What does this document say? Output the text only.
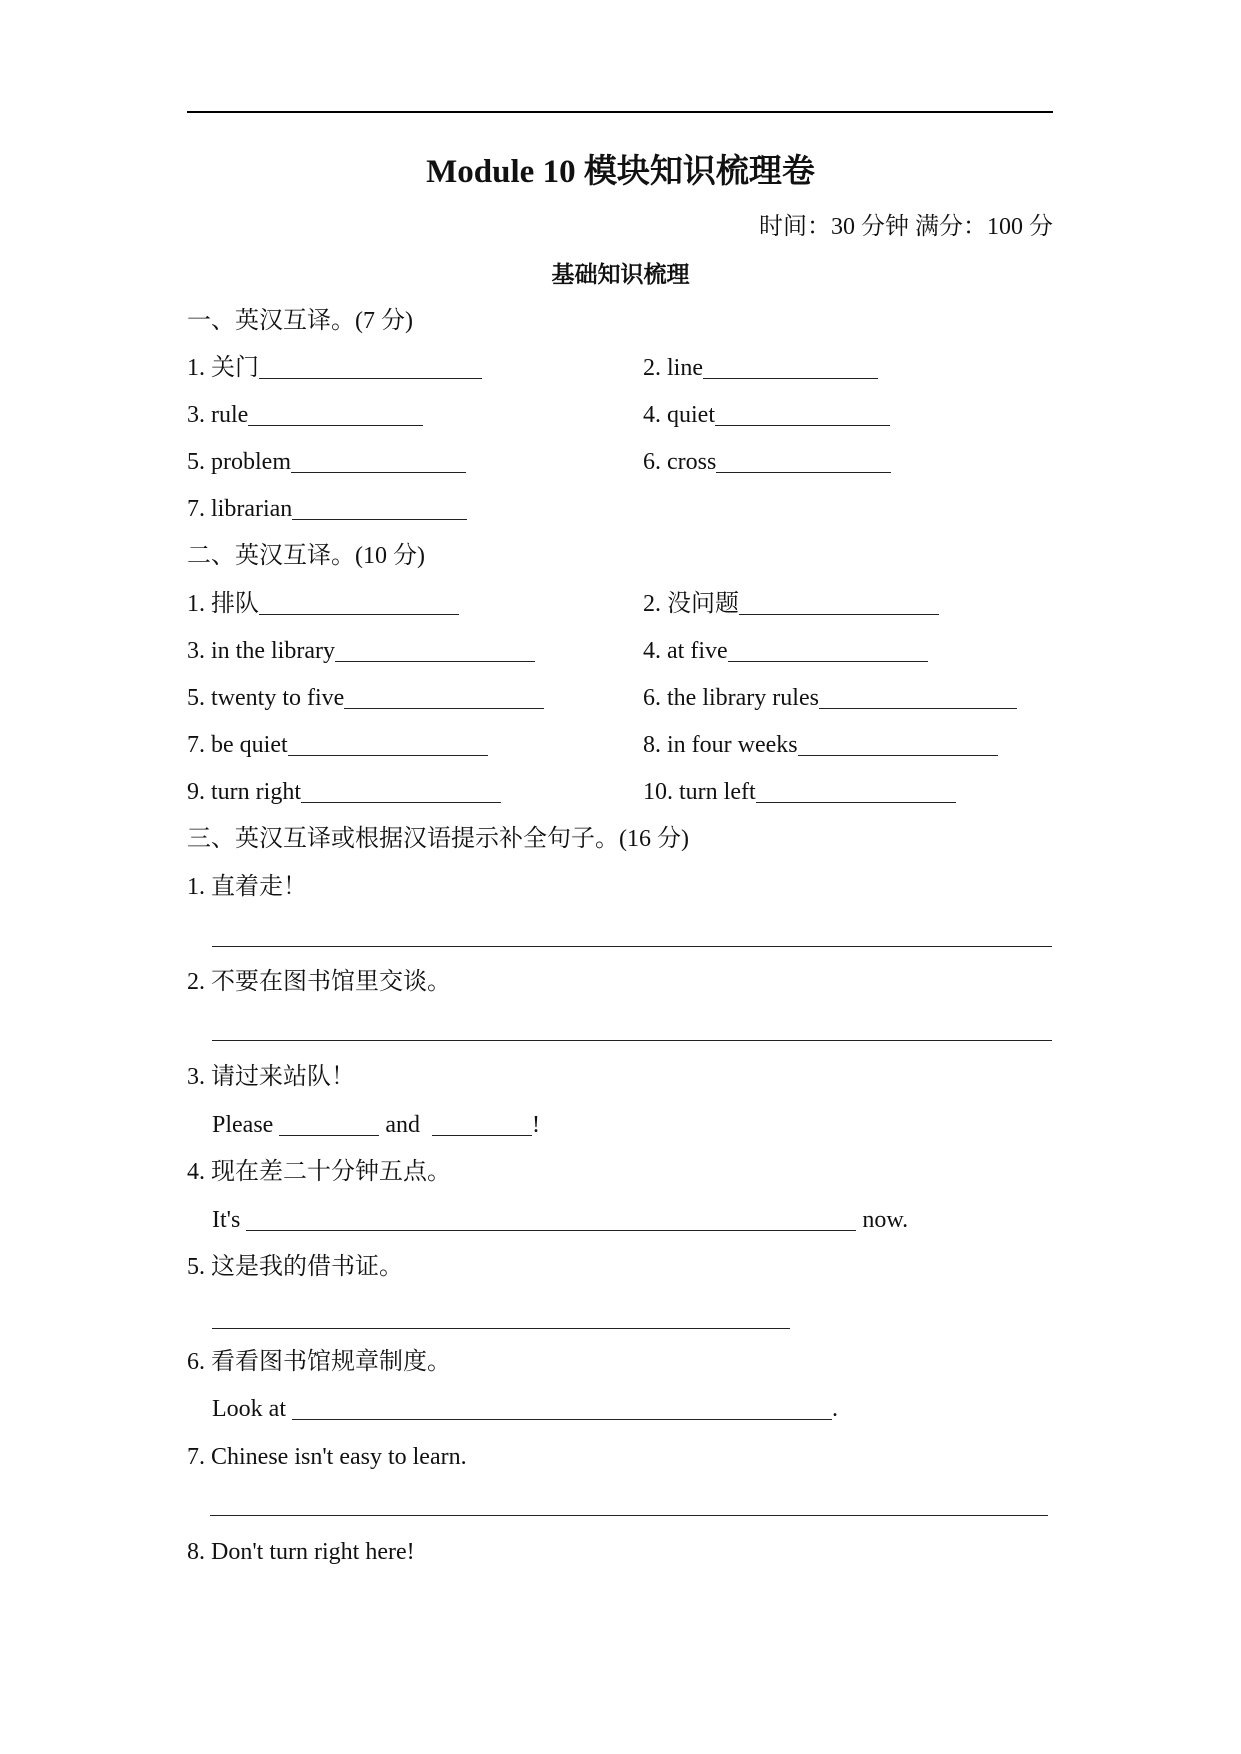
Module 10 模块知识梳理卷
时间：30 分钟 满分：100 分
基础知识梳理
一、英汉互译。(7 分)
1. 关门	2. line
3. rule	4. quiet
5. problem	6. cross
7. librarian
二、英汉互译。(10 分)
1. 排队	2. 没问题
3. in the library	4. at five
5. twenty to five	6. the library rules
7. be quiet	8. in four weeks
9. turn right	10. turn left
三、英汉互译或根据汉语提示补全句子。(16 分)
1. 直着走！
2. 不要在图书馆里交谈。
3. 请过来站队！
Please	and	!
4. 现在差二十分钟五点。
It's	now.
5. 这是我的借书证。
6. 看看图书馆规章制度。
Look at	.
7. Chinese isn't easy to learn.
8. Don't turn right here!
